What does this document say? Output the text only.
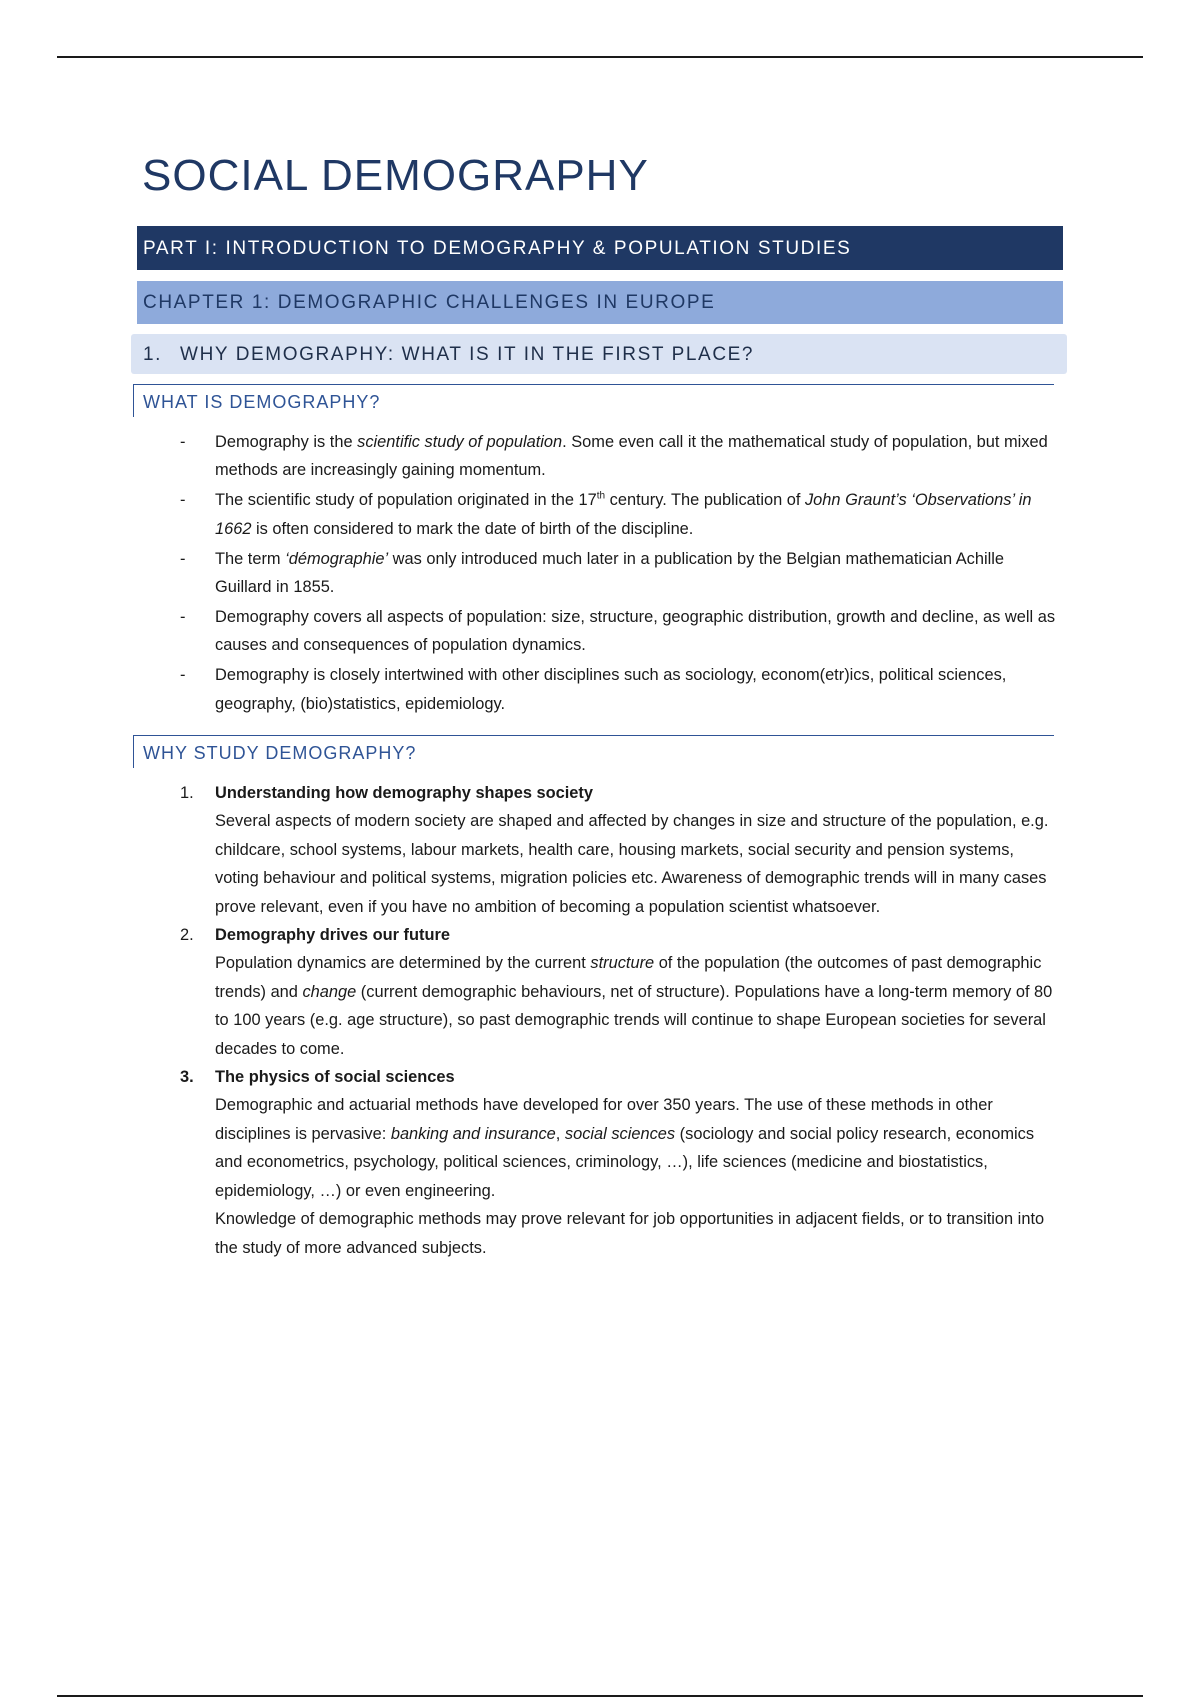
SOCIAL DEMOGRAPHY
PART I: INTRODUCTION TO DEMOGRAPHY & POPULATION STUDIES
CHAPTER 1: DEMOGRAPHIC CHALLENGES IN EUROPE
1. WHY DEMOGRAPHY: WHAT IS IT IN THE FIRST PLACE?
WHAT IS DEMOGRAPHY?
- Demography is the scientific study of population. Some even call it the mathematical study of population, but mixed methods are increasingly gaining momentum.
- The scientific study of population originated in the 17th century. The publication of John Graunt’s ‘Observations’ in 1662 is often considered to mark the date of birth of the discipline.
- The term ‘démographie’ was only introduced much later in a publication by the Belgian mathematician Achille Guillard in 1855.
- Demography covers all aspects of population: size, structure, geographic distribution, growth and decline, as well as causes and consequences of population dynamics.
- Demography is closely intertwined with other disciplines such as sociology, econom(etr)ics, political sciences, geography, (bio)statistics, epidemiology.
WHY STUDY DEMOGRAPHY?
1. Understanding how demography shapes society
Several aspects of modern society are shaped and affected by changes in size and structure of the population, e.g. childcare, school systems, labour markets, health care, housing markets, social security and pension systems, voting behaviour and political systems, migration policies etc. Awareness of demographic trends will in many cases prove relevant, even if you have no ambition of becoming a population scientist whatsoever.
2. Demography drives our future
Population dynamics are determined by the current structure of the population (the outcomes of past demographic trends) and change (current demographic behaviours, net of structure). Populations have a long-term memory of 80 to 100 years (e.g. age structure), so past demographic trends will continue to shape European societies for several decades to come.
3. The physics of social sciences
Demographic and actuarial methods have developed for over 350 years. The use of these methods in other disciplines is pervasive: banking and insurance, social sciences (sociology and social policy research, economics and econometrics, psychology, political sciences, criminology, …), life sciences (medicine and biostatistics, epidemiology, …) or even engineering.
Knowledge of demographic methods may prove relevant for job opportunities in adjacent fields, or to transition into the study of more advanced subjects.
